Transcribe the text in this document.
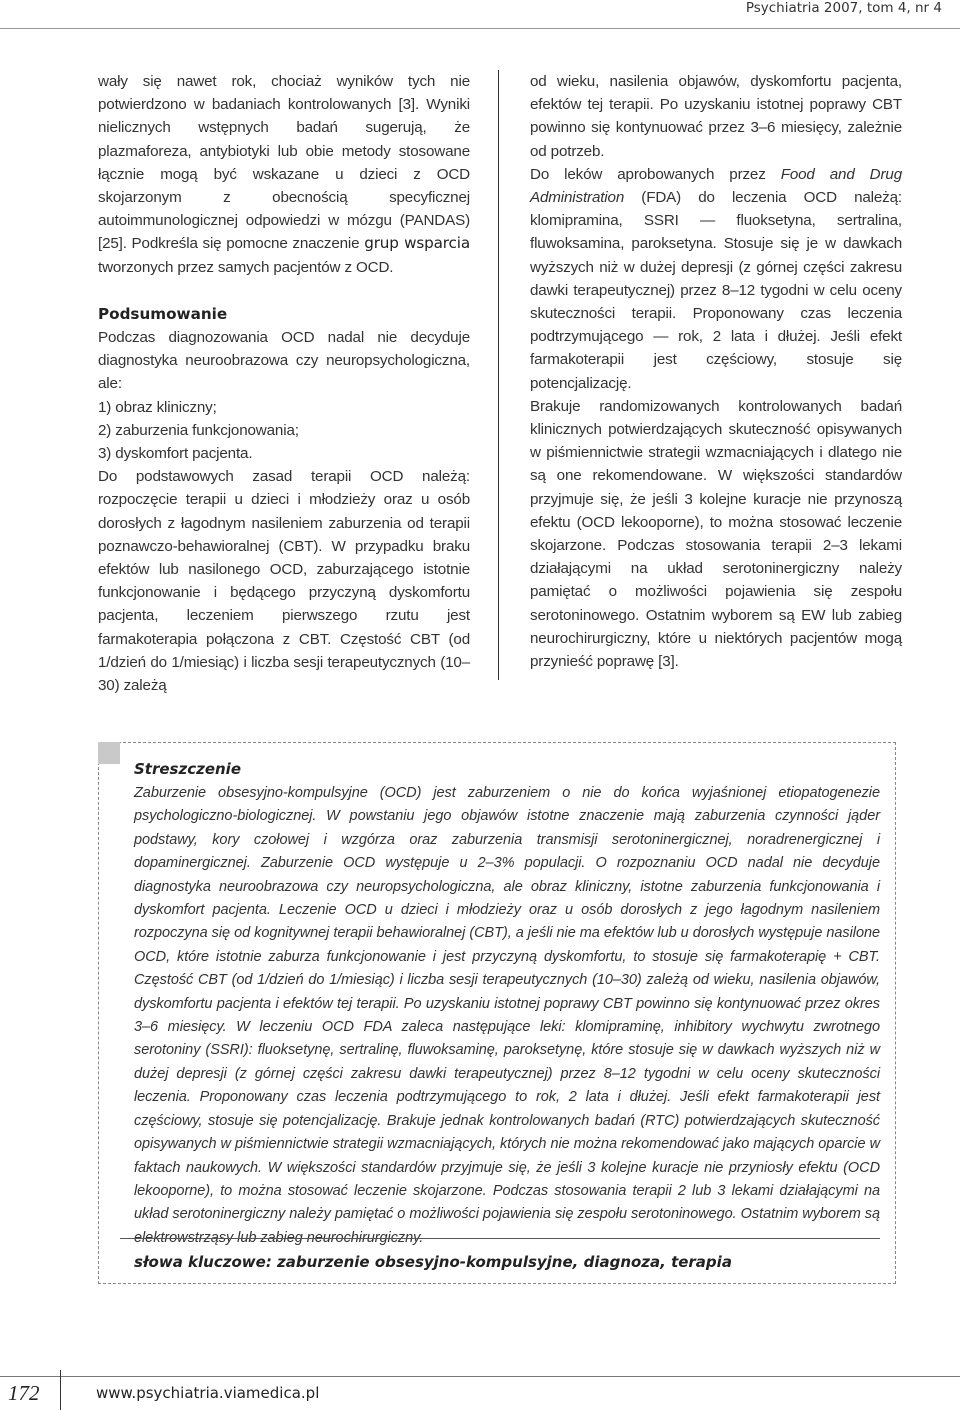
Psychiatria 2007, tom 4, nr 4

wały się nawet rok, chociaż wyników tych nie potwierdzono w badaniach kontrolowanych [3]. Wyniki nielicznych wstępnych badań sugerują, że plazmaforeza, antybiotyki lub obie metody stosowane łącznie mogą być wskazane u dzieci z OCD skojarzonym z obecnością specyficznej autoimmunologicznej odpowiedzi w mózgu (PANDAS) [25]. Podkreśla się pomocne znaczenie grup wsparcia tworzonych przez samych pacjentów z OCD.

Podsumowanie

Podczas diagnozowania OCD nadal nie decyduje diagnostyka neuroobrazowa czy neuropsychologiczna, ale:

1) obraz kliniczny;

2) zaburzenia funkcjonowania;

3) dyskomfort pacjenta.

Do podstawowych zasad terapii OCD należą: rozpoczęcie terapii u dzieci i młodzieży oraz u osób dorosłych z łagodnym nasileniem zaburzenia od terapii poznawczo-behawioralnej (CBT). W przypadku braku efektów lub nasilonego OCD, zaburzającego istotnie funkcjonowanie i będącego przyczyną dyskomfortu pacjenta, leczeniem pierwszego rzutu jest farmakoterapia połączona z CBT. Częstość CBT (od 1/dzień do 1/miesiąc) i liczba sesji terapeutycznych (10–30) zależą

od wieku, nasilenia objawów, dyskomfortu pacjenta, efektów tej terapii. Po uzyskaniu istotnej poprawy CBT powinno się kontynuować przez 3–6 miesięcy, zależnie od potrzeb.

Do leków aprobowanych przez Food and Drug Administration (FDA) do leczenia OCD należą: klomipramina, SSRI — fluoksetyna, sertralina, fluwoksamina, paroksetyna. Stosuje się je w dawkach wyższych niż w dużej depresji (z górnej części zakresu dawki terapeutycznej) przez 8–12 tygodni w celu oceny skuteczności terapii. Proponowany czas leczenia podtrzymującego — rok, 2 lata i dłużej. Jeśli efekt farmakoterapii jest częściowy, stosuje się potencjalizację.

Brakuje randomizowanych kontrolowanych badań klinicznych potwierdzających skuteczność opisywanych w piśmiennictwie strategii wzmacniających i dlatego nie są one rekomendowane. W większości standardów przyjmuje się, że jeśli 3 kolejne kuracje nie przynoszą efektu (OCD lekooporne), to można stosować leczenie skojarzone. Podczas stosowania terapii 2–3 lekami działającymi na układ serotoninergiczny należy pamiętać o możliwości pojawienia się zespołu serotoninowego. Ostatnim wyborem są EW lub zabieg neurochirurgiczny, które u niektórych pacjentów mogą przynieść poprawę [3].

Streszczenie

Zaburzenie obsesyjno-kompulsyjne (OCD) jest zaburzeniem o nie do końca wyjaśnionej etiopatogenezie psychologiczno-biologicznej. W powstaniu jego objawów istotne znaczenie mają zaburzenia czynności jąder podstawy, kory czołowej i wzgórza oraz zaburzenia transmisji serotoninergicznej, noradrenergicznej i dopaminergicznej. Zaburzenie OCD występuje u 2–3% populacji. O rozpoznaniu OCD nadal nie decyduje diagnostyka neuroobrazowa czy neuropsychologiczna, ale obraz kliniczny, istotne zaburzenia funkcjonowania i dyskomfort pacjenta. Leczenie OCD u dzieci i młodzieży oraz u osób dorosłych z jego łagodnym nasileniem rozpoczyna się od kognitywnej terapii behawioralnej (CBT), a jeśli nie ma efektów lub u dorosłych występuje nasilone OCD, które istotnie zaburza funkcjonowanie i jest przyczyną dyskomfortu, to stosuje się farmakoterapię + CBT. Częstość CBT (od 1/dzień do 1/miesiąc) i liczba sesji terapeutycznych (10–30) zależą od wieku, nasilenia objawów, dyskomfortu pacjenta i efektów tej terapii. Po uzyskaniu istotnej poprawy CBT powinno się kontynuować przez okres 3–6 miesięcy. W leczeniu OCD FDA zaleca następujące leki: klomipraminę, inhibitory wychwytu zwrotnego serotoniny (SSRI): fluoksetynę, sertralinę, fluwoksaminę, paroksetynę, które stosuje się w dawkach wyższych niż w dużej depresji (z górnej części zakresu dawki terapeutycznej) przez 8–12 tygodni w celu oceny skuteczności leczenia. Proponowany czas leczenia podtrzymującego to rok, 2 lata i dłużej. Jeśli efekt farmakoterapii jest częściowy, stosuje się potencjalizację. Brakuje jednak kontrolowanych badań (RTC) potwierdzających skuteczność opisywanych w piśmiennictwie strategii wzmacniających, których nie można rekomendować jako mających oparcie w faktach naukowych. W większości standardów przyjmuje się, że jeśli 3 kolejne kuracje nie przyniosły efektu (OCD lekooporne), to można stosować leczenie skojarzone. Podczas stosowania terapii 2 lub 3 lekami działającymi na układ serotoninergiczny należy pamiętać o możliwości pojawienia się zespołu serotoninowego. Ostatnim wyborem są elektrowstrząsy lub zabieg neurochirurgiczny.

słowa kluczowe: zaburzenie obsesyjno-kompulsyjne, diagnoza, terapia
172	www.psychiatria.viamedica.pl
